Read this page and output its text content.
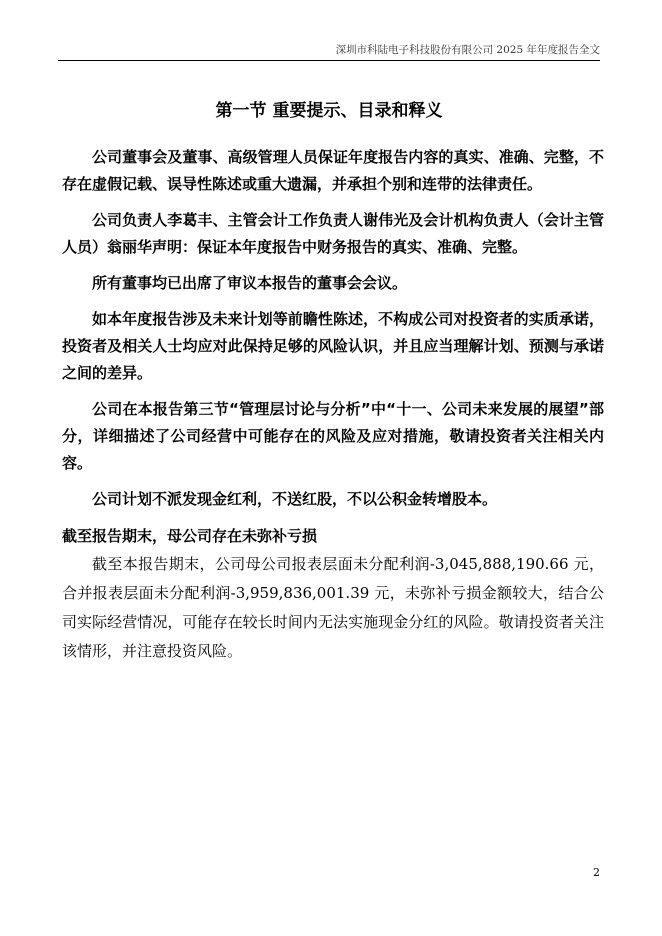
深圳市科陆电子科技股份有限公司 2025 年年度报告全文
第一节 重要提示、目录和释义

公司董事会及董事、高级管理人员保证年度报告内容的真实、准确、完整，不存在虚假记载、误导性陈述或重大遗漏，并承担个别和连带的法律责任。

公司负责人李葛丰、主管会计工作负责人谢伟光及会计机构负责人（会计主管人员）翁丽华声明：保证本年度报告中财务报告的真实、准确、完整。

所有董事均已出席了审议本报告的董事会会议。

如本年度报告涉及未来计划等前瞻性陈述，不构成公司对投资者的实质承诺，投资者及相关人士均应对此保持足够的风险认识，并且应当理解计划、预测与承诺之间的差异。

公司在本报告第三节“管理层讨论与分析”中“十一、公司未来发展的展望”部分，详细描述了公司经营中可能存在的风险及应对措施，敬请投资者关注相关内容。

公司计划不派发现金红利，不送红股，不以公积金转增股本。

截至报告期末，母公司存在未弥补亏损

截至本报告期末，公司母公司报表层面未分配利润-3,045,888,190.66 元，合并报表层面未分配利润-3,959,836,001.39 元，未弥补亏损金额较大，结合公司实际经营情况，可能存在较长时间内无法实施现金分红的风险。敬请投资者关注该情形，并注意投资风险。

2
